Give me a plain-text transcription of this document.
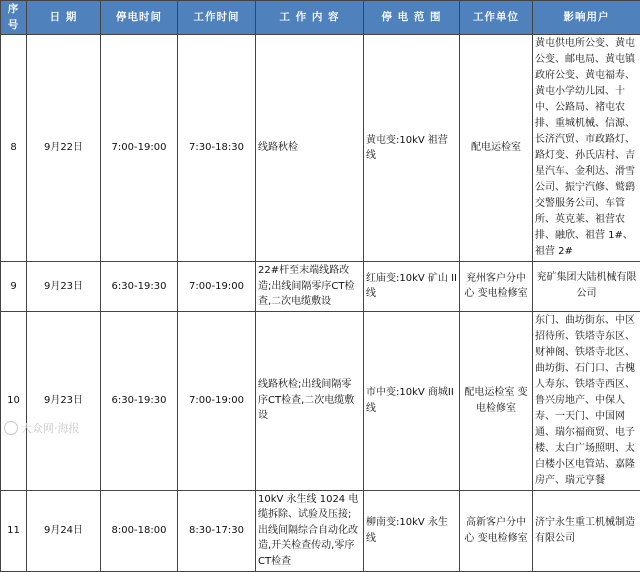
序号	日 期	停电时间	工作时间	工 作 内 容	停 电 范 围	工作单位	影响用户
8	9月22日	7:00-19:00	7:30-18:30	线路秋检	黄屯变:10kV 祖营线	配电运检室	黄屯供电所公变、黄屯公变、邮电局、黄屯镇政府公变、黄屯福寿、黄屯小学幼儿园、十中、公路局、褚屯农排、重城机械、信源、长济汽贸、市政路灯、路灯变、孙氏店村、吉星汽车、金利达、滑雪公司、振宁汽修、鹫鹞交警服务公司、车管所、英克莱、祖营农排、融欣、祖营 1#、祖营 2#
9	9月23日	6:30-19:30	7:00-19:00	22#杆至末端线路改造;出线间隔零序CT检查,二次电缆敷设	红庙变:10kV 矿山 II线	兖州客户分中心 变电检修室	兖矿集团大陆机械有限公司
10	9月23日	6:30-19:30	7:00-19:00	线路秋检;出线间隔零序CT检查,二次电缆敷设	市中变:10kV 商城II线	配电运检室 变电检修室	东门、曲坊街东、中区招待所、铁塔寺东区、财神阁、铁塔寺北区、曲坊街、石门口、古槐人寿东、铁塔寺西区、鲁兴房地产、中保人寿、一天门、中国网通、瑞尔福商贸、电子楼、太白广场照明、太白楼小区电管站、嘉隆房产、瑞元亨餐
11	9月24日	8:00-18:00	8:30-17:30	10kV 永生线 1024 电缆拆除、试验及压接;出线间隔综合自动化改造,开关检查传动,零序CT检查	柳南变:10kV 永生线	高新客户分中心 变电检修室	济宁永生重工机械制造有限公司
大众网·海报
